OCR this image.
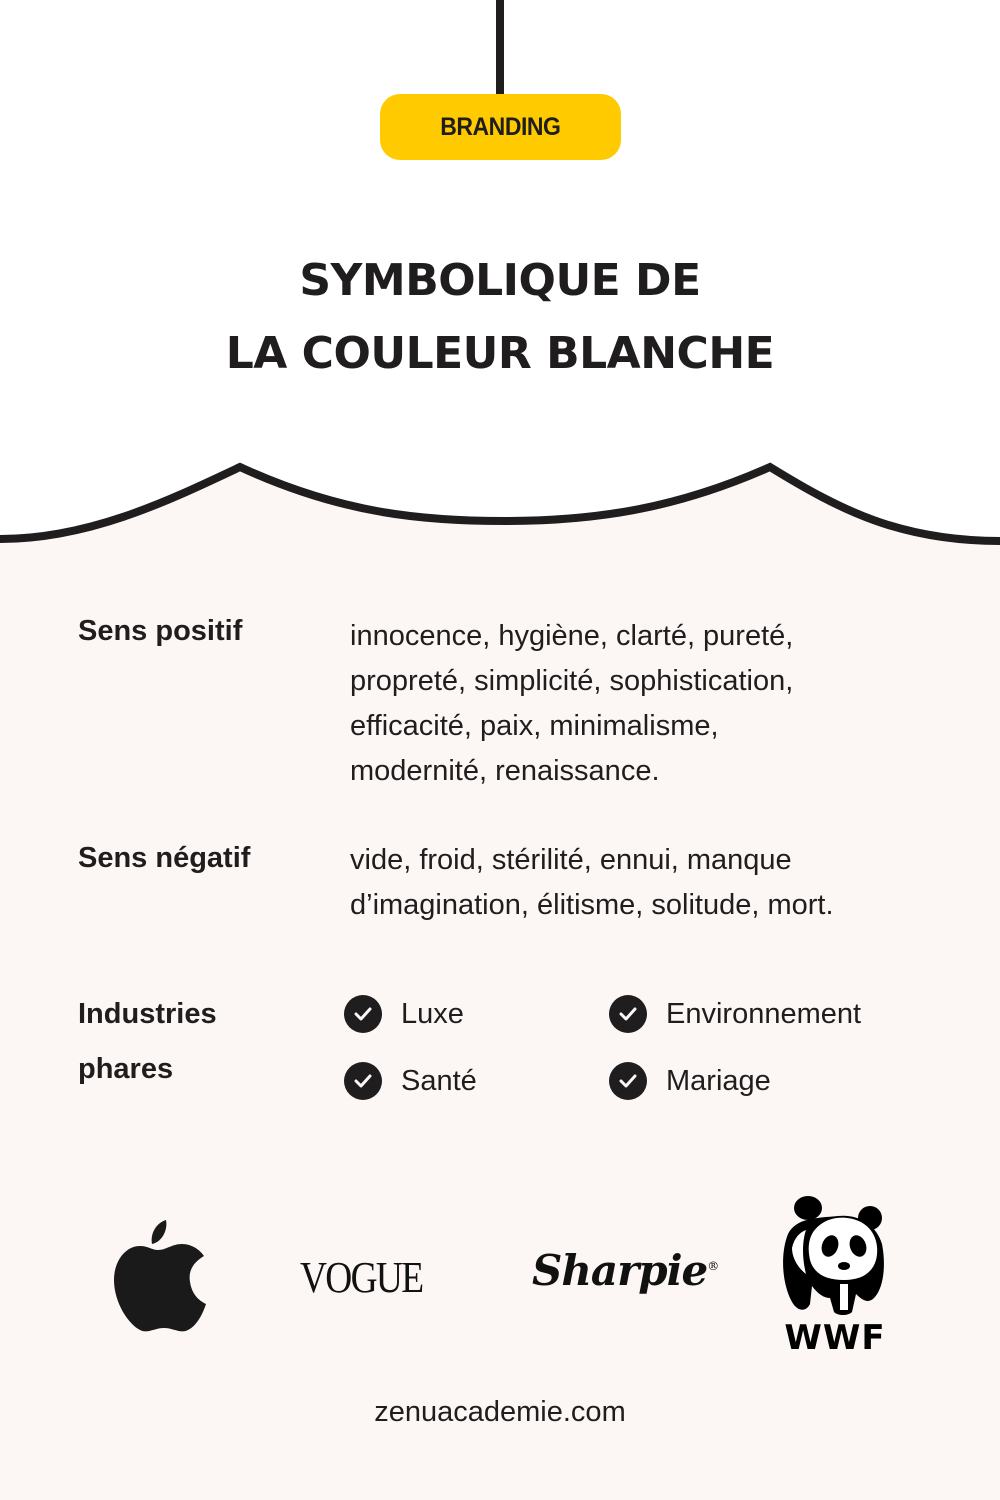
BRANDING
SYMBOLIQUE DE
LA COULEUR BLANCHE
Sens positif	innocence, hygiène, clarté, pureté,
propreté, simplicité, sophistication,
efficacité, paix, minimalisme,
modernité, renaissance.
Sens négatif	vide, froid, stérilité, ennui, manque
d’imagination, élitisme, solitude, mort.
Industries
phares
Luxe	Environnement
Santé	Mariage
VOGUE	Sharpie®
WWF
zenuacademie.com
